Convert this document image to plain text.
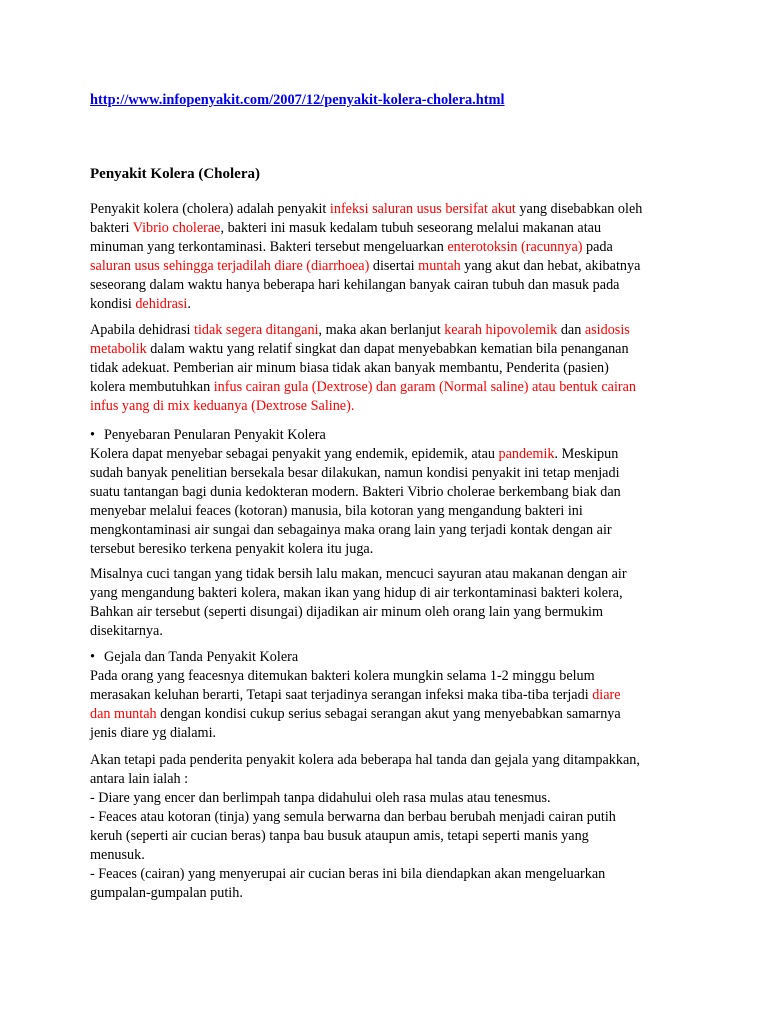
http://www.infopenyakit.com/2007/12/penyakit-kolera-cholera.html

Penyakit Kolera (Cholera)
Penyakit kolera (cholera) adalah penyakit infeksi saluran usus bersifat akut yang disebabkan oleh
bakteri Vibrio cholerae, bakteri ini masuk kedalam tubuh seseorang melalui makanan atau
minuman yang terkontaminasi. Bakteri tersebut mengeluarkan enterotoksin (racunnya) pada
saluran usus sehingga terjadilah diare (diarrhoea) disertai muntah yang akut dan hebat, akibatnya
seseorang dalam waktu hanya beberapa hari kehilangan banyak cairan tubuh dan masuk pada
kondisi dehidrasi.
Apabila dehidrasi tidak segera ditangani, maka akan berlanjut kearah hipovolemik dan asidosis
metabolik dalam waktu yang relatif singkat dan dapat menyebabkan kematian bila penanganan
tidak adekuat. Pemberian air minum biasa tidak akan banyak membantu, Penderita (pasien)
kolera membutuhkan infus cairan gula (Dextrose) dan garam (Normal saline) atau bentuk cairan
infus yang di mix keduanya (Dextrose Saline).
• Penyebaran Penularan Penyakit Kolera
Kolera dapat menyebar sebagai penyakit yang endemik, epidemik, atau pandemik. Meskipun
sudah banyak penelitian bersekala besar dilakukan, namun kondisi penyakit ini tetap menjadi
suatu tantangan bagi dunia kedokteran modern. Bakteri Vibrio cholerae berkembang biak dan
menyebar melalui feaces (kotoran) manusia, bila kotoran yang mengandung bakteri ini
mengkontaminasi air sungai dan sebagainya maka orang lain yang terjadi kontak dengan air
tersebut beresiko terkena penyakit kolera itu juga.
Misalnya cuci tangan yang tidak bersih lalu makan, mencuci sayuran atau makanan dengan air
yang mengandung bakteri kolera, makan ikan yang hidup di air terkontaminasi bakteri kolera,
Bahkan air tersebut (seperti disungai) dijadikan air minum oleh orang lain yang bermukim
disekitarnya.
• Gejala dan Tanda Penyakit Kolera
Pada orang yang feacesnya ditemukan bakteri kolera mungkin selama 1-2 minggu belum
merasakan keluhan berarti, Tetapi saat terjadinya serangan infeksi maka tiba-tiba terjadi diare
dan muntah dengan kondisi cukup serius sebagai serangan akut yang menyebabkan samarnya
jenis diare yg dialami.
Akan tetapi pada penderita penyakit kolera ada beberapa hal tanda dan gejala yang ditampakkan,
antara lain ialah :
- Diare yang encer dan berlimpah tanpa didahului oleh rasa mulas atau tenesmus.
- Feaces atau kotoran (tinja) yang semula berwarna dan berbau berubah menjadi cairan putih
keruh (seperti air cucian beras) tanpa bau busuk ataupun amis, tetapi seperti manis yang
menusuk.
- Feaces (cairan) yang menyerupai air cucian beras ini bila diendapkan akan mengeluarkan
gumpalan-gumpalan putih.
